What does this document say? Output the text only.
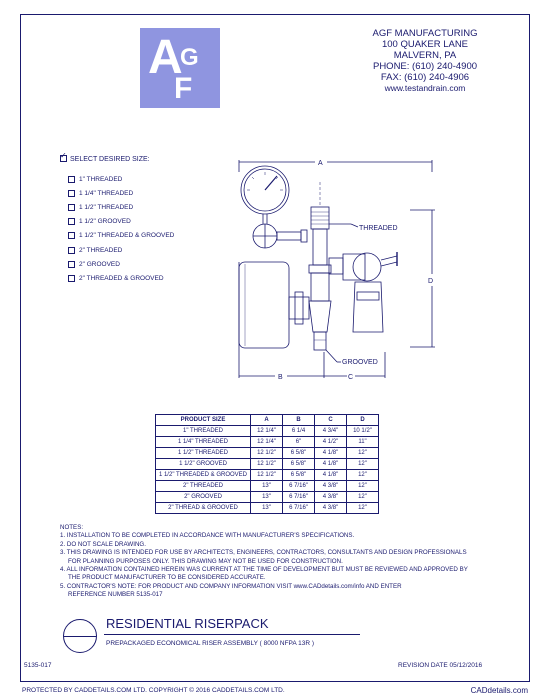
A
G
F
AGF MANUFACTURING
100 QUAKER LANE
MALVERN, PA
PHONE: (610) 240-4900
FAX: (610) 240-4906
www.testandrain.com
✓SELECT DESIRED SIZE:
1" THREADED
1 1/4" THREADED
1 1/2" THREADED
1 1/2" GROOVED
1 1/2" THREADED & GROOVED
2" THREADED
2" GROOVED
2" THREADED & GROOVED
A
D
B	C
THREADED
GROOVED
PRODUCT SIZE	A	B	C	D
1" THREADED	12 1/4"	6 1/4	4 3/4"	10 1/2"
1 1/4" THREADED	12 1/4"	6"	4 1/2"	11"
1 1/2" THREADED	12 1/2"	6 5/8"	4 1/8"	12"
1 1/2" GROOVED	12 1/2"	6 5/8"	4 1/8"	12"
1 1/2" THREADED & GROOVED	12 1/2"	6 5/8"	4 1/8"	12"
2" THREADED	13"	6 7/16"	4 3/8"	12"
2" GROOVED	13"	6 7/16"	4 3/8"	12"
2" THREAD & GROOVED	13"	6 7/16"	4 3/8"	12"
NOTES:
1. INSTALLATION TO BE COMPLETED IN ACCORDANCE WITH MANUFACTURER'S SPECIFICATIONS.
2. DO NOT SCALE DRAWING.
3. THIS DRAWING IS INTENDED FOR USE BY ARCHITECTS, ENGINEERS, CONTRACTORS, CONSULTANTS AND DESIGN PROFESSIONALS
FOR PLANNING PURPOSES ONLY. THIS DRAWING MAY NOT BE USED FOR CONSTRUCTION.
4. ALL INFORMATION CONTAINED HEREIN WAS CURRENT AT THE TIME OF DEVELOPMENT BUT MUST BE REVIEWED AND APPROVED BY
THE PRODUCT MANUFACTURER TO BE CONSIDERED ACCURATE.
5. CONTRACTOR'S NOTE: FOR PRODUCT AND COMPANY INFORMATION VISIT www.CADdetails.com/info AND ENTER
REFERENCE NUMBER 5135-017
RESIDENTIAL RISERPACK
PREPACKAGED ECONOMICAL RISER ASSEMBLY ( 8000 NFPA 13R )
5135-017	REVISION DATE 05/12/2016
PROTECTED BY CADDETAILS.COM LTD. COPYRIGHT © 2016 CADDETAILS.COM LTD.	CADdetails.com
